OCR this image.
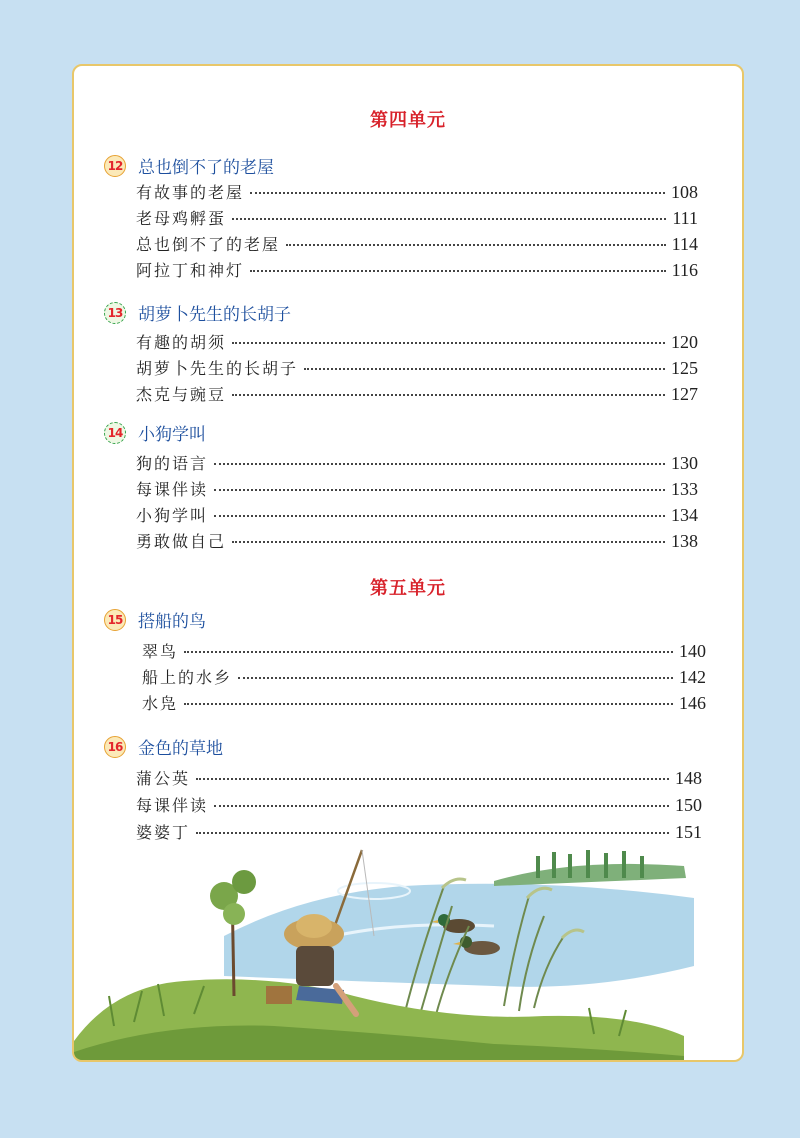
第四单元
12 总也倒不了的老屋
有故事的老屋	108
老母鸡孵蛋	111
总也倒不了的老屋	114
阿拉丁和神灯	116
13 胡萝卜先生的长胡子
有趣的胡须	120
胡萝卜先生的长胡子	125
杰克与豌豆	127
14 小狗学叫
狗的语言	130
每课伴读	133
小狗学叫	134
勇敢做自己	138
第五单元
15 搭船的鸟
翠鸟	140
船上的水乡	142
水凫	146
16 金色的草地
蒲公英	148
每课伴读	150
婆婆丁	151
